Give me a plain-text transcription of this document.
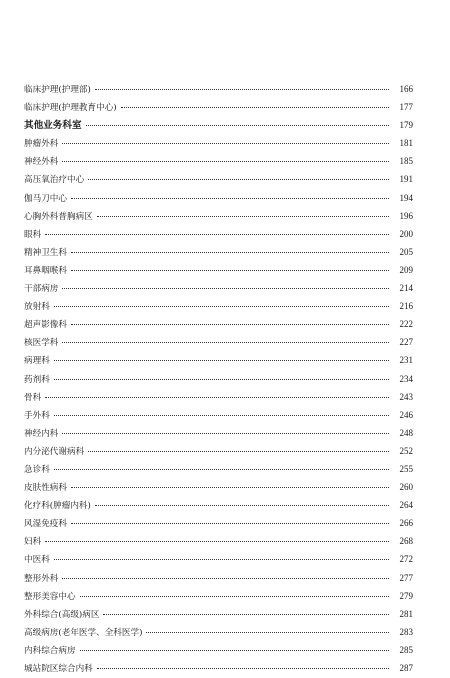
临床护理(护理部)	166
临床护理(护理教育中心)	177
其他业务科室	179
肿瘤外科	181
神经外科	185
高压氧治疗中心	191
伽马刀中心	194
心胸外科普胸病区	196
眼科	200
精神卫生科	205
耳鼻咽喉科	209
干部病房	214
放射科	216
超声影像科	222
核医学科	227
病理科	231
药剂科	234
骨科	243
手外科	246
神经内科	248
内分泌代谢病科	252
急诊科	255
皮肤性病科	260
化疗科(肿瘤内科)	264
风湿免疫科	266
妇科	268
中医科	272
整形外科	277
整形美容中心	279
外科综合(高级)病区	281
高级病房(老年医学、全科医学)	283
内科综合病房	285
城站院区综合内科	287
